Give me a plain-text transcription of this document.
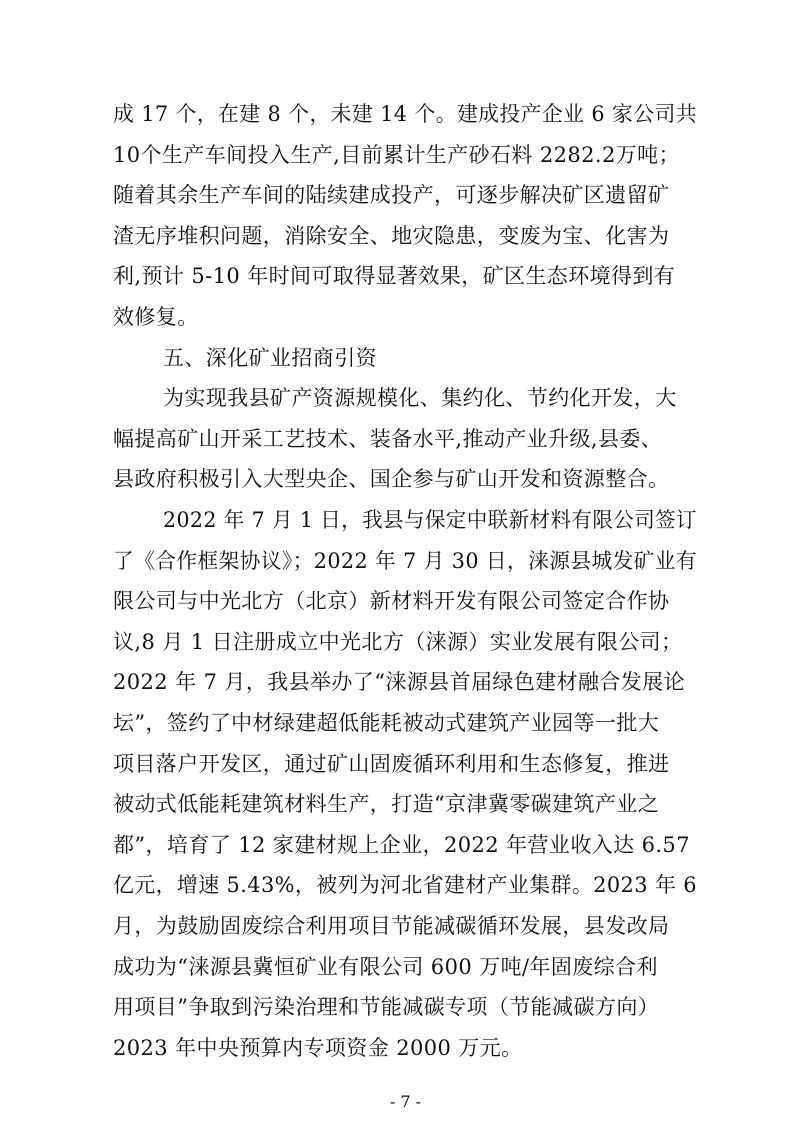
成 17 个，在建 8 个，未建 14 个。建成投产企业 6 家公司共
10个生产车间投入生产,目前累计生产砂石料 2282.2万吨；
随着其余生产车间的陆续建成投产，可逐步解决矿区遗留矿
渣无序堆积问题，消除安全、地灾隐患，变废为宝、化害为
利,预计 5-10 年时间可取得显著效果，矿区生态环境得到有
效修复。
五、深化矿业招商引资
为实现我县矿产资源规模化、集约化、节约化开发，大
幅提高矿山开采工艺技术、装备水平,推动产业升级,县委、
县政府积极引入大型央企、国企参与矿山开发和资源整合。
2022 年 7 月 1 日，我县与保定中联新材料有限公司签订
了《合作框架协议》；2022 年 7 月 30 日，涞源县城发矿业有
限公司与中光北方（北京）新材料开发有限公司签定合作协
议,8 月 1 日注册成立中光北方（涞源）实业发展有限公司；
2022 年 7 月，我县举办了“涞源县首届绿色建材融合发展论
坛”，签约了中材绿建超低能耗被动式建筑产业园等一批大
项目落户开发区，通过矿山固废循环利用和生态修复，推进
被动式低能耗建筑材料生产，打造“京津冀零碳建筑产业之
都”，培育了 12 家建材规上企业，2022 年营业收入达 6.57
亿元，增速 5.43%，被列为河北省建材产业集群。2023 年 6
月，为鼓励固废综合利用项目节能减碳循环发展，县发改局
成功为“涞源县冀恒矿业有限公司 600 万吨/年固废综合利
用项目”争取到污染治理和节能减碳专项（节能减碳方向）
2023 年中央预算内专项资金 2000 万元。
- 7 -
